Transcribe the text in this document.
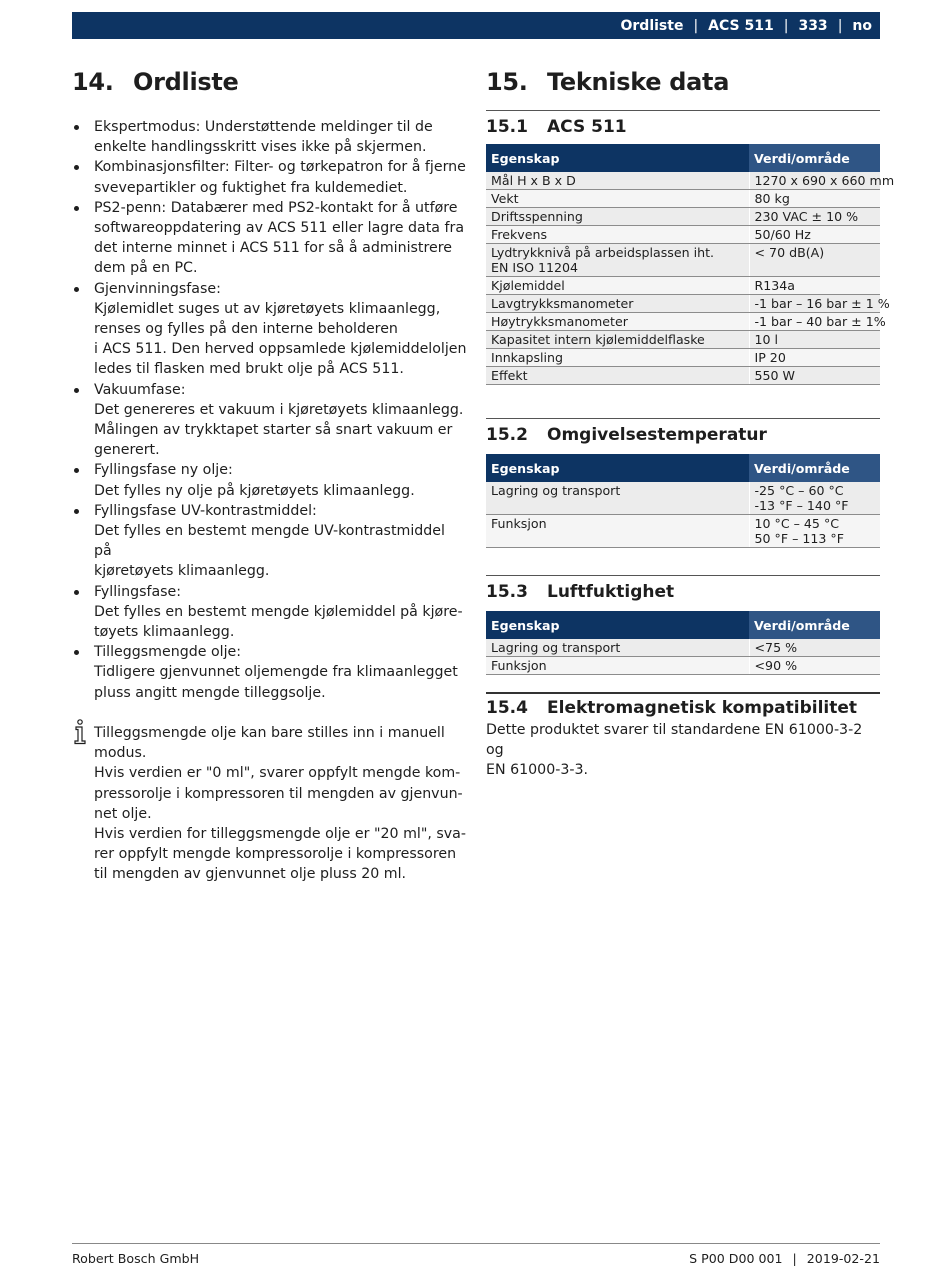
Ordliste | ACS 511 | 333 | no
14. Ordliste
Ekspertmodus: Understøttende meldinger til de
enkelte handlingsskritt vises ikke på skjermen.
Kombinasjonsfilter: Filter- og tørkepatron for å fjerne
svevepartikler og fuktighet fra kuldemediet.
PS2-penn: Databærer med PS2-kontakt for å utføre
softwareoppdatering av ACS 511 eller lagre data fra
det interne minnet i ACS 511 for så å administrere
dem på en PC.
Gjenvinningsfase:
Kjølemidlet suges ut av kjøretøyets klimaanlegg,
renses og fylles på den interne beholderen
i ACS 511. Den herved oppsamlede kjølemiddeloljen
ledes til flasken med brukt olje på ACS 511.
Vakuumfase:
Det genereres et vakuum i kjøretøyets klimaanlegg.
Målingen av trykktapet starter så snart vakuum er
generert.
Fyllingsfase ny olje:
Det fylles ny olje på kjøretøyets klimaanlegg.
Fyllingsfase UV-kontrastmiddel:
Det fylles en bestemt mengde UV-kontrastmiddel på
kjøretøyets klimaanlegg.
Fyllingsfase:
Det fylles en bestemt mengde kjølemiddel på kjøre-
tøyets klimaanlegg.
Tilleggsmengde olje:
Tidligere gjenvunnet oljemengde fra klimaanlegget
pluss angitt mengde tilleggsolje.
Tilleggsmengde olje kan bare stilles inn i manuell
modus.
Hvis verdien er "0 ml", svarer oppfylt mengde kom-
pressorolje i kompressoren til mengden av gjenvun-
net olje.
Hvis verdien for tilleggsmengde olje er "20 ml", sva-
rer oppfylt mengde kompressorolje i kompressoren
til mengden av gjenvunnet olje pluss 20 ml.
15. Tekniske data
15.1 ACS 511
Egenskap	Verdi/område

Mål H x B x D	1270 x 690 x 660 mm

Vekt	80 kg

Driftsspenning	230 VAC ± 10 %

Frekvens	50/60 Hz

Lydtrykknivå på arbeidsplassen iht.
EN ISO 11204	< 70 dB(A)

Kjølemiddel	R134a

Lavgtrykksmanometer	-1 bar – 16 bar ± 1 %

Høytrykksmanometer	-1 bar – 40 bar ± 1%

Kapasitet intern kjølemiddelflaske	10 l

Innkapsling	IP 20

Effekt	550 W
15.2 Omgivelsestemperatur
Egenskap	Verdi/område

Lagring og transport	-25 °C – 60 °C
-13 °F – 140 °F

Funksjon	10 °C – 45 °C
50 °F – 113 °F
15.3 Luftfuktighet
Egenskap	Verdi/område

Lagring og transport	<75 %

Funksjon	<90 %
15.4 Elektromagnetisk kompatibilitet
Dette produktet svarer til standardene EN 61000-3-2 og
EN 61000-3-3.
Robert Bosch GmbH	S P00 D00 001 | 2019-02-21
